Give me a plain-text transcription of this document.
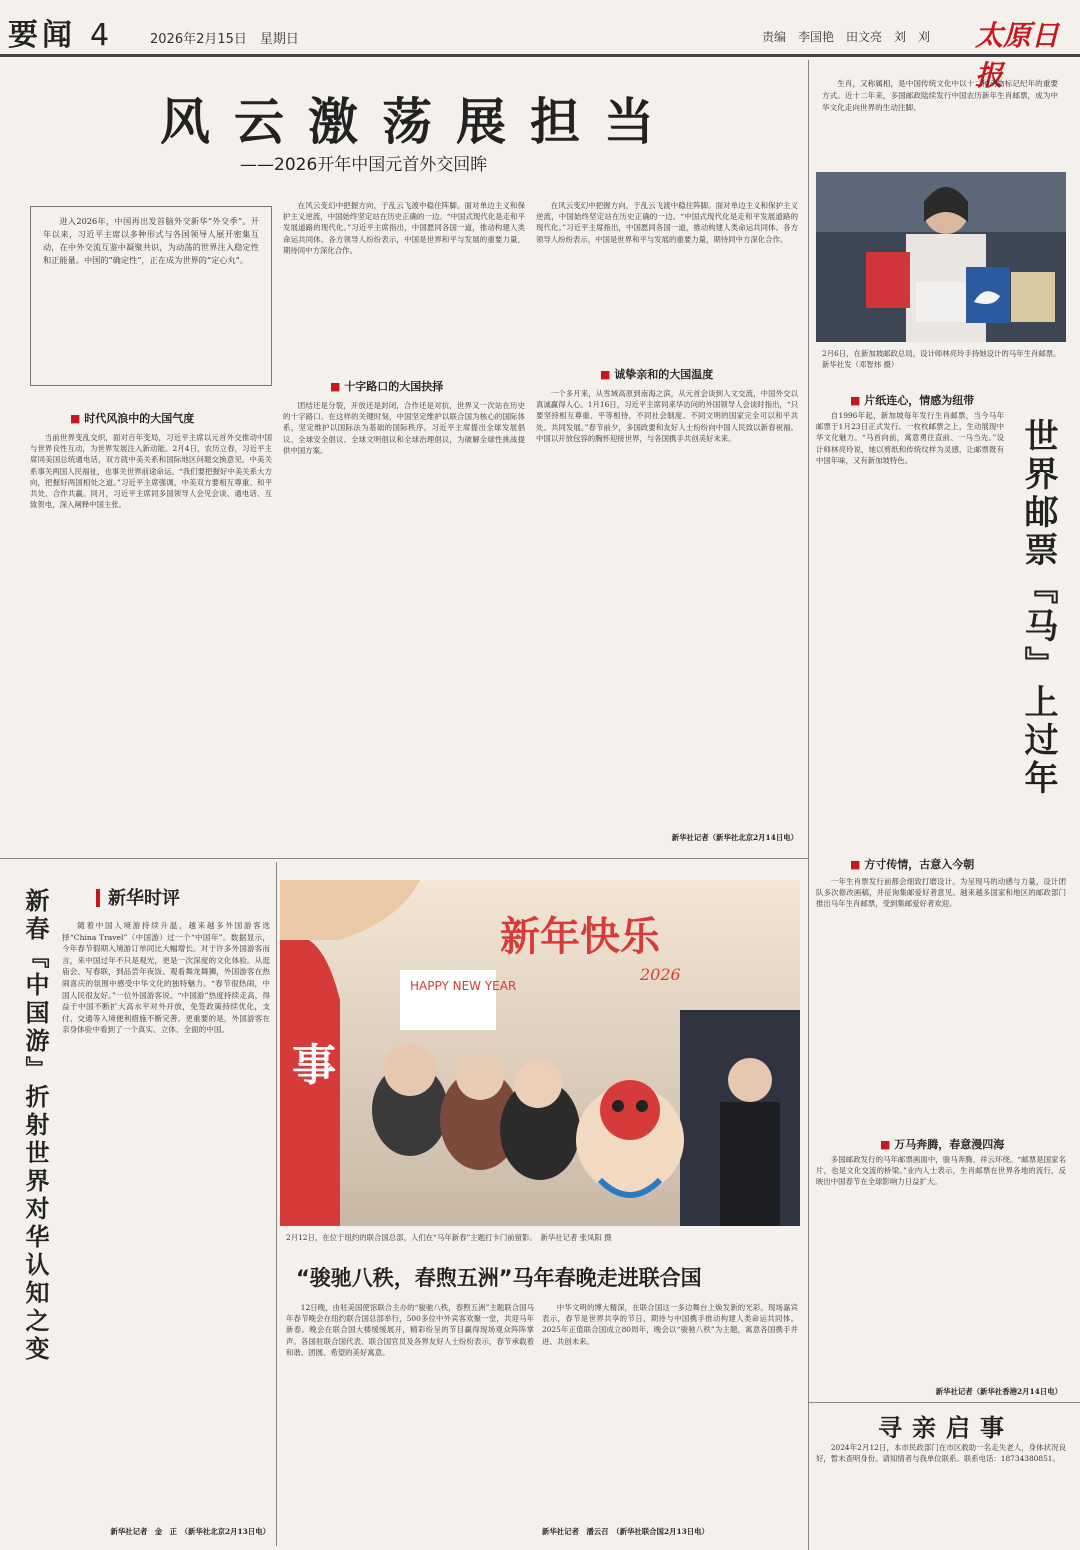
要闻 4	2026年2月15日　星期日	责编　李国艳　田文亮　刘　刈 太原日报
风云激荡展担当
——2026开年中国元首外交回眸

进入2026年，中国再出发首脑外交新华“外交季”。开年以来，习近平主席以多种形式与各国领导人展开密集互动，在中外交流互鉴中凝聚共识，为动荡的世界注入稳定性和正能量。中国的“确定性”，正在成为世界的“定心丸”。

■ 时代风浪中的大国气度

当前世界变乱交织，面对百年变局，习近平主席以元首外交推动中国与世界良性互动，为世界发展注入新动能。2月4日，农历立春，习近平主席同美国总统通电话，双方就中美关系和国际地区问题交换意见。中美关系事关两国人民福祉，也事关世界前途命运。“我们要把握好中美关系大方向，把握好两国相处之道。”习近平主席强调，中美双方要相互尊重、和平共处、合作共赢。同月，习近平主席同多国领导人会见会谈、通电话、互致贺电，深入阐释中国主张。

在风云变幻中把握方向，于乱云飞渡中稳住阵脚。面对单边主义和保护主义逆流，中国始终坚定站在历史正确的一边。“中国式现代化是走和平发展道路的现代化。”习近平主席指出，中国愿同各国一道，推动构建人类命运共同体。各方领导人纷纷表示，中国是世界和平与发展的重要力量，期待同中方深化合作。

■ 十字路口的大国抉择

团结还是分裂，开放还是封闭，合作还是对抗，世界又一次站在历史的十字路口。在这样的关键时刻，中国坚定维护以联合国为核心的国际体系，坚定维护以国际法为基础的国际秩序。习近平主席提出全球发展倡议、全球安全倡议、全球文明倡议和全球治理倡议，为破解全球性挑战提供中国方案。

在风云变幻中把握方向，于乱云飞渡中稳住阵脚。面对单边主义和保护主义逆流，中国始终坚定站在历史正确的一边。“中国式现代化是走和平发展道路的现代化。”习近平主席指出，中国愿同各国一道，推动构建人类命运共同体。各方领导人纷纷表示，中国是世界和平与发展的重要力量，期待同中方深化合作。

■ 诚挚亲和的大国温度

一个多月来，从雪域高原到南海之滨，从元首会谈到人文交流，中国外交以真诚赢得人心。1月16日，习近平主席同来华访问的外国领导人会谈时指出，“只要坚持相互尊重、平等相待，不同社会制度、不同文明的国家完全可以和平共处、共同发展。”春节前夕，多国政要和友好人士纷纷向中国人民致以新春祝福。中国以开放包容的胸怀迎接世界，与各国携手共创美好未来。

新华社记者（新华社北京2月14日电）
　　生肖，又称属相，是中国传统文化中以十二种动物标记纪年的重要方式。近十二年来，多国邮政陆续发行中国农历新年生肖邮票，成为中华文化走向世界的生动注脚。
2月6日，在新加坡邮政总局，设计师林亮玲手持她设计的马年生肖邮票。　新华社发（邓智炜 摄）
■ 片纸连心，情感为纽带

自1996年起，新加坡每年发行生肖邮票，当今马年邮票于1月23日正式发行。一枚枚邮票之上，生动展现中华文化魅力。“马首向前，寓意勇往直前、一马当先。”设计师林亮玲说，她以剪纸和传统纹样为灵感，让邮票既有中国年味，又有新加坡特色。	世界邮票『马』上过年
■ 方寸传情，古意入今朝

一年生肖票发行前都会细致打磨设计。为呈现马的动感与力量，设计团队多次修改画稿，并征询集邮爱好者意见。越来越多国家和地区的邮政部门推出马年生肖邮票，受到集邮爱好者欢迎。

■ 万马奔腾，春意漫四海

多国邮政发行的马年邮票画面中，骏马奔腾、祥云环绕。“邮票是国家名片，也是文化交流的桥梁。”业内人士表示，生肖邮票在世界各地的流行，反映出中国春节在全球影响力日益扩大。

新华社记者（新华社香港2月14日电）
寻亲启事

2024年2月12日，本市民政部门在市区救助一名走失老人，身体状况良好，暂未查明身份。请知情者与我单位联系。联系电话：18734380851。

新春『中国游』折射世界对华认知之变	新华时评

随着中国人境游持续升温，越来越多外国游客选择“China Travel”（中国游）过一个“中国年”。数据显示，今年春节假期入境游订单同比大幅增长。对于许多外国游客而言，来中国过年不只是观光，更是一次深度的文化体验。从逛庙会、写春联，到品尝年夜饭、观看舞龙舞狮，外国游客在热闹喜庆的氛围中感受中华文化的独特魅力。“春节很热闹，中国人民很友好。”一位外国游客说。“中国游”热度持续走高，得益于中国不断扩大高水平对外开放，免签政策持续优化，支付、交通等入境便利措施不断完善。更重要的是，外国游客在亲身体验中看到了一个真实、立体、全面的中国。

新华社记者　金　正　（新华社北京2月13日电）
事
HAPPY NEW YEAR
新年快乐
2026
2月12日，在位于纽约的联合国总部，人们在“马年新春”主题打卡门前留影。　新华社记者 张凤阳 摄
“骏驰八秩，春煦五洲”马年春晚走进联合国

12日晚，由驻美国使馆联合主办的“骏驰八秩，春煦五洲”主题联合国马年春节晚会在纽约联合国总部举行，500多位中外宾客欢聚一堂，共迎马年新春。晚会在联合国大楼缓缓展开，精彩纷呈的节目赢得现场观众阵阵掌声。各国驻联合国代表、联合国官员及各界友好人士纷纷表示，春节承载着和谐、团圆、希望的美好寓意。

中华文明的博大精深，在联合国这一多边舞台上焕发新的光彩。现场嘉宾表示，春节是世界共享的节日，期待与中国携手推动构建人类命运共同体。2025年正值联合国成立80周年，晚会以“骏驰八秩”为主题，寓意各国携手并进、共创未来。

新华社记者　潘云召　（新华社联合国2月13日电）
